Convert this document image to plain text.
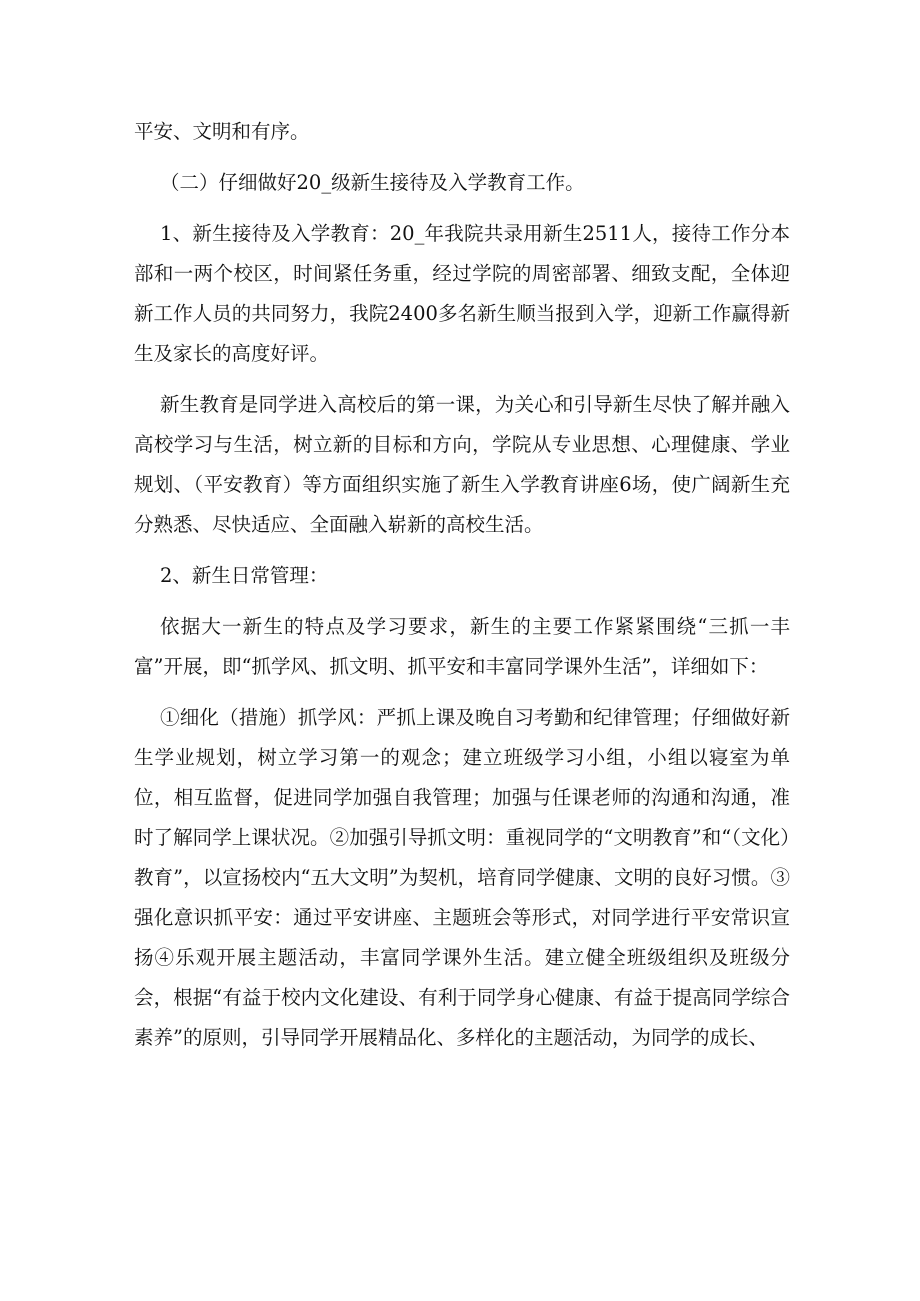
平安、文明和有序。

（二）仔细做好20_级新生接待及入学教育工作。

1、新生接待及入学教育：20_年我院共录用新生2511人，接待工作分本部和一两个校区，时间紧任务重，经过学院的周密部署、细致支配，全体迎新工作人员的共同努力，我院2400多名新生顺当报到入学，迎新工作赢得新生及家长的高度好评。

新生教育是同学进入高校后的第一课，为关心和引导新生尽快了解并融入高校学习与生活，树立新的目标和方向，学院从专业思想、心理健康、学业规划、（平安教育）等方面组织实施了新生入学教育讲座6场，使广阔新生充分熟悉、尽快适应、全面融入崭新的高校生活。

2、新生日常管理：

依据大一新生的特点及学习要求，新生的主要工作紧紧围绕“三抓一丰富”开展，即“抓学风、抓文明、抓平安和丰富同学课外生活”，详细如下：

①细化（措施）抓学风：严抓上课及晚自习考勤和纪律管理；仔细做好新生学业规划，树立学习第一的观念；建立班级学习小组，小组以寝室为单位，相互监督，促进同学加强自我管理；加强与任课老师的沟通和沟通，准时了解同学上课状况。②加强引导抓文明：重视同学的“文明教育”和“（文化）教育”，以宣扬校内“五大文明”为契机，培育同学健康、文明的良好习惯。③强化意识抓平安：通过平安讲座、主题班会等形式，对同学进行平安常识宣扬④乐观开展主题活动，丰富同学课外生活。建立健全班级组织及班级分会，根据“有益于校内文化建设、有利于同学身心健康、有益于提高同学综合素养”的原则，引导同学开展精品化、多样化的主题活动，为同学的成长、
